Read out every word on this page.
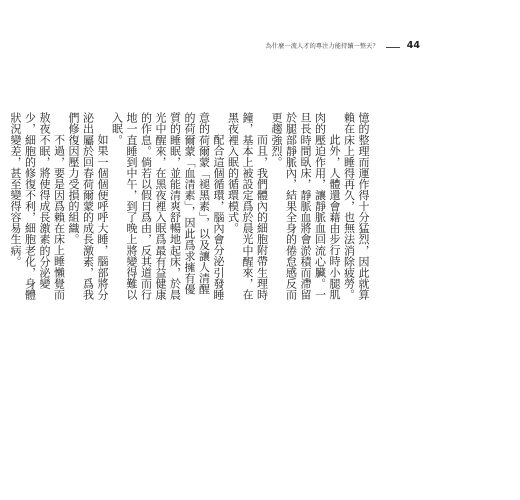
為什麼一流人才的專注力能持續一整天？	44

憶的整理而運作得十分猛烈，因此就算賴在床上睡得再久，也無法消除疲勞。

此外，人體還會藉由步行時小腿肌肉的壓迫作用，讓靜脈血回流心臟。一旦長時間臥床，靜脈血將會淤積而滯留於腿部靜脈內，結果全身的倦怠感反而更趨強烈。

而且，我們體內的細胞附帶生理時鐘，基本上被設定爲於晨光中醒來，在黑夜裡入眠的循環模式。

配合這個循環，腦內會分泌引發睡意的荷爾蒙「褪黑素」，以及讓人清醒的荷爾蒙「血清素」，因此爲求擁有優質的睡眠，並能清爽舒暢地起床，於晨光中醒來，在黑夜裡入眠爲最有益健康的作息。倘若以假日爲由，反其道而行地一直睡到中午，到了晚上將變得難以入眠。

如果一個個便呼呼大睡，腦部將分泌出屬於回春荷爾蒙的成長激素，爲我們修復因壓力受損的組織。

不過，要是因爲賴在床上睡懶覺而敖夜不眠，將使得成長激素的分泌變少，細胞的修復不利，細胞老化，身體狀況變差，甚至變得容易生病。
